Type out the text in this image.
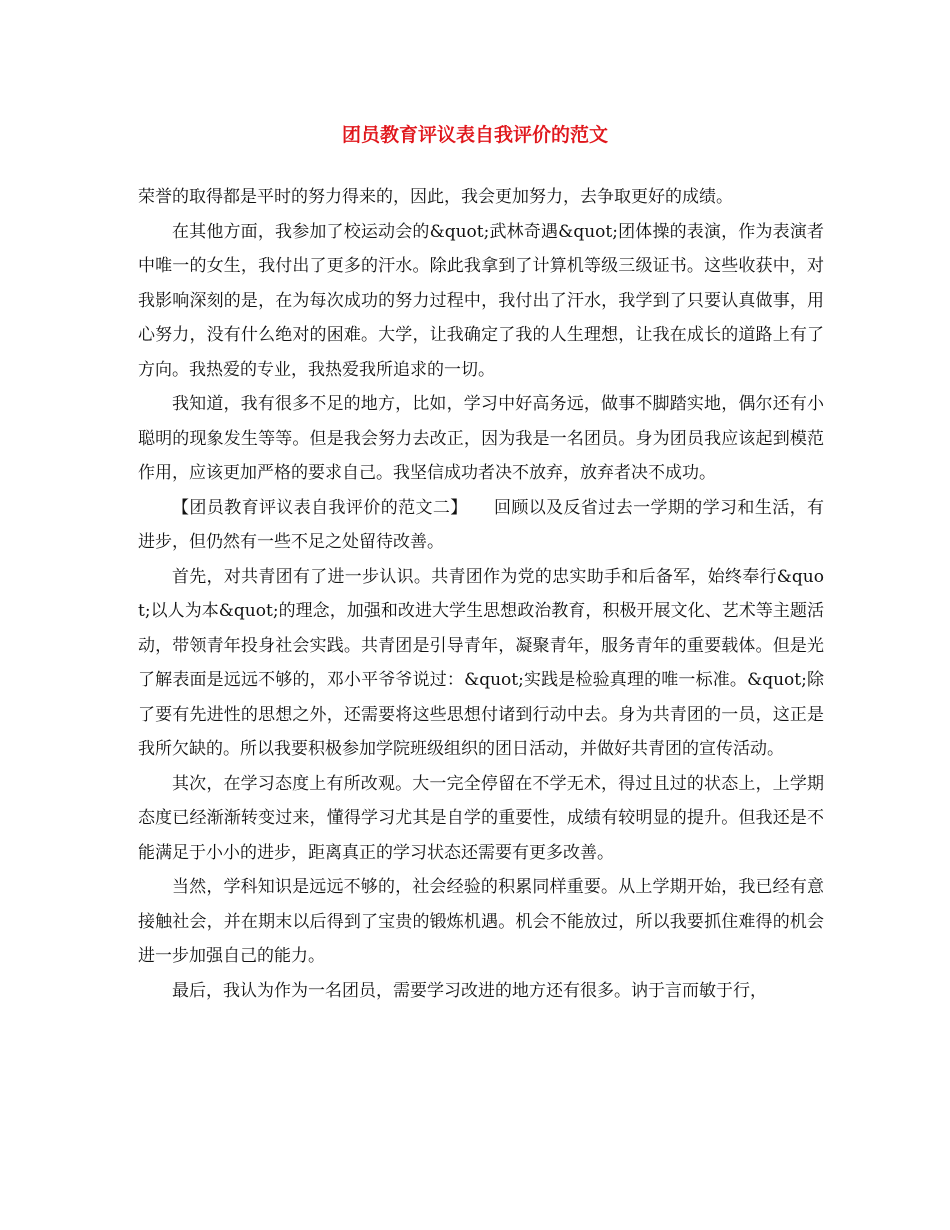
团员教育评议表自我评价的范文

荣誉的取得都是平时的努力得来的，因此，我会更加努力，去争取更好的成绩。

在其他方面，我参加了校运动会的&quot;武林奇遇&quot;团体操的表演，作为表演者中唯一的女生，我付出了更多的汗水。除此我拿到了计算机等级三级证书。这些收获中，对我影响深刻的是，在为每次成功的努力过程中，我付出了汗水，我学到了只要认真做事，用心努力，没有什么绝对的困难。大学，让我确定了我的人生理想，让我在成长的道路上有了方向。我热爱的专业，我热爱我所追求的一切。

我知道，我有很多不足的地方，比如，学习中好高务远，做事不脚踏实地，偶尔还有小聪明的现象发生等等。但是我会努力去改正，因为我是一名团员。身为团员我应该起到模范作用，应该更加严格的要求自己。我坚信成功者决不放弃，放弃者决不成功。

【团员教育评议表自我评价的范文二】　　回顾以及反省过去一学期的学习和生活，有进步，但仍然有一些不足之处留待改善。

首先，对共青团有了进一步认识。共青团作为党的忠实助手和后备军，始终奉行&quot;以人为本&quot;的理念，加强和改进大学生思想政治教育，积极开展文化、艺术等主题活动，带领青年投身社会实践。共青团是引导青年，凝聚青年，服务青年的重要载体。但是光了解表面是远远不够的，邓小平爷爷说过：&quot;实践是检验真理的唯一标准。&quot;除了要有先进性的思想之外，还需要将这些思想付诸到行动中去。身为共青团的一员，这正是我所欠缺的。所以我要积极参加学院班级组织的团日活动，并做好共青团的宣传活动。

其次，在学习态度上有所改观。大一完全停留在不学无术，得过且过的状态上，上学期态度已经渐渐转变过来，懂得学习尤其是自学的重要性，成绩有较明显的提升。但我还是不能满足于小小的进步，距离真正的学习状态还需要有更多改善。

当然，学科知识是远远不够的，社会经验的积累同样重要。从上学期开始，我已经有意接触社会，并在期末以后得到了宝贵的锻炼机遇。机会不能放过，所以我要抓住难得的机会进一步加强自己的能力。

最后，我认为作为一名团员，需要学习改进的地方还有很多。讷于言而敏于行，
